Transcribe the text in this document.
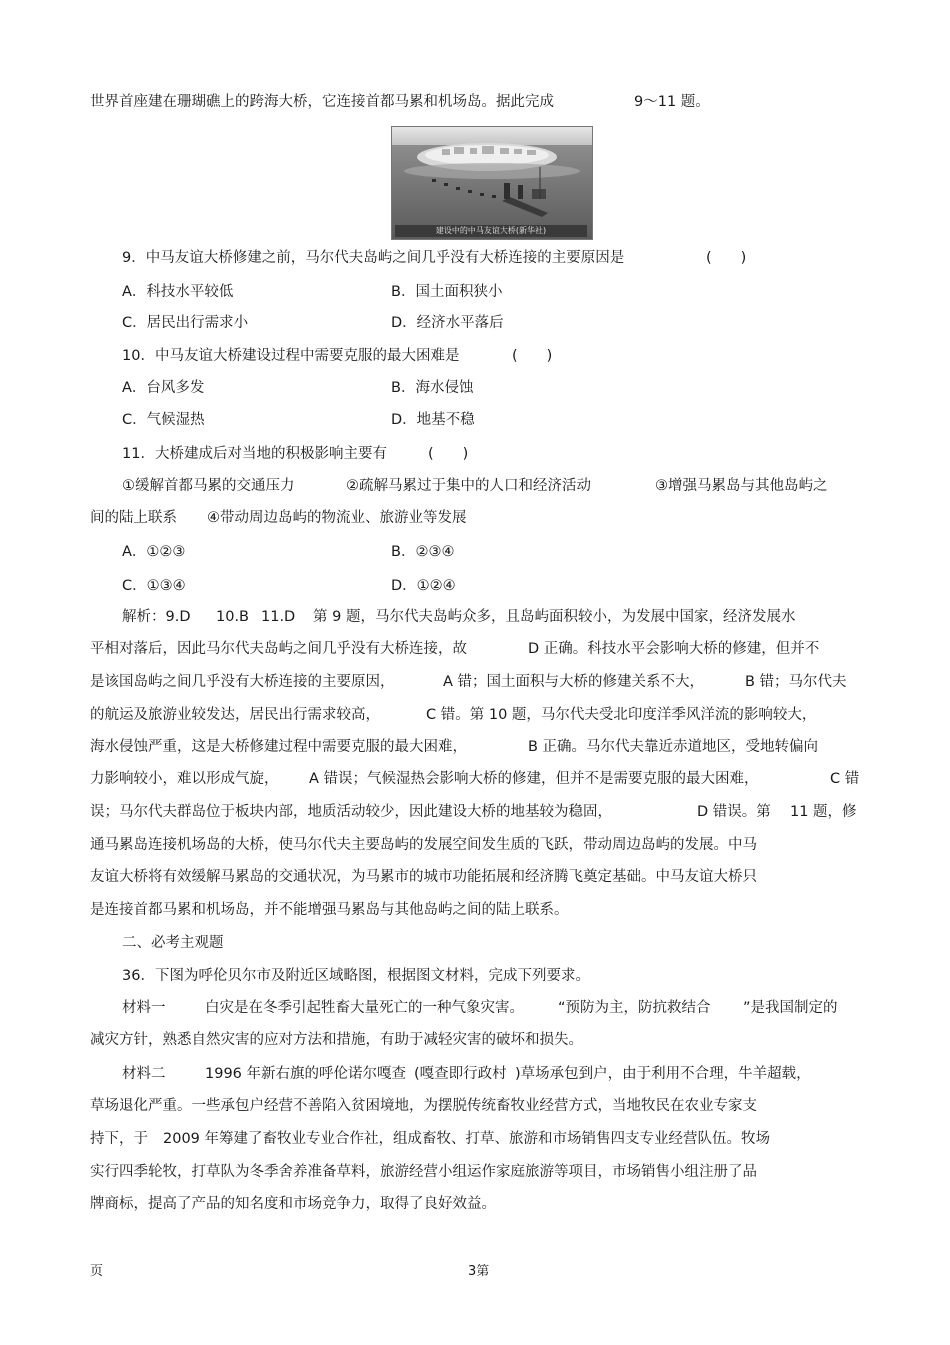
世界首座建在珊瑚礁上的跨海大桥，它连接首都马累和机场岛。据此完成	9～11 题。
建设中的中马友谊大桥(新华社)
9．中马友谊大桥修建之前，马尔代夫岛屿之间几乎没有大桥连接的主要原因是	(　　)
A．科技水平较低	B．国土面积狭小
C．居民出行需求小	D．经济水平落后
10．中马友谊大桥建设过程中需要克服的最大困难是	(　　)
A．台风多发	B．海水侵蚀
C．气候湿热	D．地基不稳
11．大桥建成后对当地的积极影响主要有	(　　)
①缓解首都马累的交通压力	②疏解马累过于集中的人口和经济活动	③增强马累岛与其他岛屿之
间的陆上联系 ④带动周边岛屿的物流业、旅游业等发展
A．①②③	B．②③④
C．①③④	D．①②④
解析：9.D 10.B 11.D 第 9 题，马尔代夫岛屿众多，且岛屿面积较小，为发展中国家，经济发展水
平相对落后，因此马尔代夫岛屿之间几乎没有大桥连接，故	D 正确。科技水平会影响大桥的修建，但并不
是该国岛屿之间几乎没有大桥连接的主要原因，	A 错；国土面积与大桥的修建关系不大，	B 错；马尔代夫
的航运及旅游业较发达，居民出行需求较高，	C 错。第 10 题，马尔代夫受北印度洋季风洋流的影响较大，
海水侵蚀严重，这是大桥修建过程中需要克服的最大困难，	B 正确。马尔代夫靠近赤道地区，受地转偏向
力影响较小，难以形成气旋， A 错误；气候湿热会影响大桥的修建，但并不是需要克服的最大困难，	C 错
误；马尔代夫群岛位于板块内部，地质活动较少，因此建设大桥的地基较为稳固，	D 错误。第 11 题，修
通马累岛连接机场岛的大桥，使马尔代夫主要岛屿的发展空间发生质的飞跃，带动周边岛屿的发展。中马
友谊大桥将有效缓解马累岛的交通状况，为马累市的城市功能拓展和经济腾飞奠定基础。中马友谊大桥只
是连接首都马累和机场岛，并不能增强马累岛与其他岛屿之间的陆上联系。
二、必考主观题
36．下图为呼伦贝尔市及附近区域略图，根据图文材料，完成下列要求。
材料一	白灾是在冬季引起牲畜大量死亡的一种气象灾害。 “预防为主，防抗救结合 ”是我国制定的
减灾方针，熟悉自然灾害的应对方法和措施，有助于减轻灾害的破坏和损失。
材料二	1996 年新右旗的呼伦诺尔嘎查 (嘎查即行政村 )草场承包到户，由于利用不合理，牛羊超载，
草场退化严重。一些承包户经营不善陷入贫困境地，为摆脱传统畜牧业经营方式，当地牧民在农业专家支
持下，于 2009 年筹建了畜牧业专业合作社，组成畜牧、打草、旅游和市场销售四支专业经营队伍。牧场
实行四季轮牧，打草队为冬季舍养准备草料，旅游经营小组运作家庭旅游等项目，市场销售小组注册了品
牌商标，提高了产品的知名度和市场竞争力，取得了良好效益。
页	3第
